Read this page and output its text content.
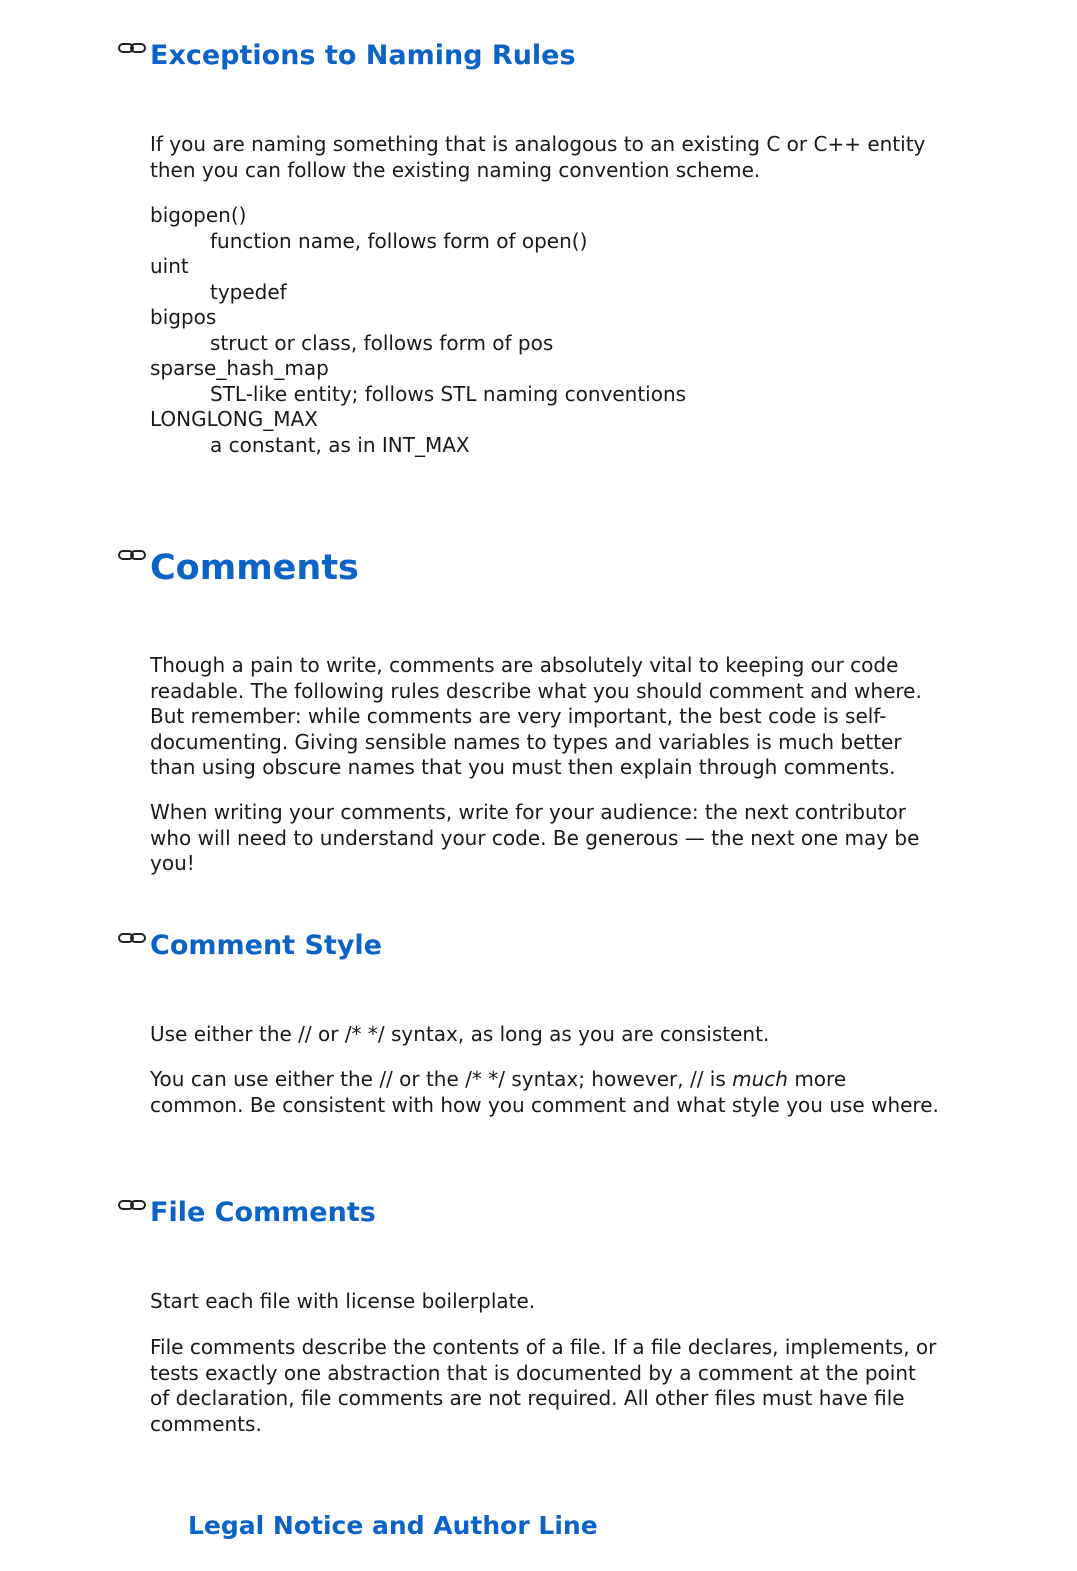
Exceptions to Naming Rules

If you are naming something that is analogous to an existing C or C++ entity then you can follow the existing naming convention scheme.

bigopen()
function name, follows form of open()
uint
typedef
bigpos
struct or class, follows form of pos
sparse_hash_map
STL-like entity; follows STL naming conventions
LONGLONG_MAX
a constant, as in INT_MAX
Comments

Though a pain to write, comments are absolutely vital to keeping our code readable. The following rules describe what you should comment and where. But remember: while comments are very important, the best code is self-documenting. Giving sensible names to types and variables is much better than using obscure names that you must then explain through comments.

When writing your comments, write for your audience: the next contributor who will need to understand your code. Be generous — the next one may be you!

Comment Style

Use either the // or /* */ syntax, as long as you are consistent.

You can use either the // or the /* */ syntax; however, // is much more common. Be consistent with how you comment and what style you use where.

File Comments

Start each file with license boilerplate.

File comments describe the contents of a file. If a file declares, implements, or tests exactly one abstraction that is documented by a comment at the point of declaration, file comments are not required. All other files must have file comments.

Legal Notice and Author Line
